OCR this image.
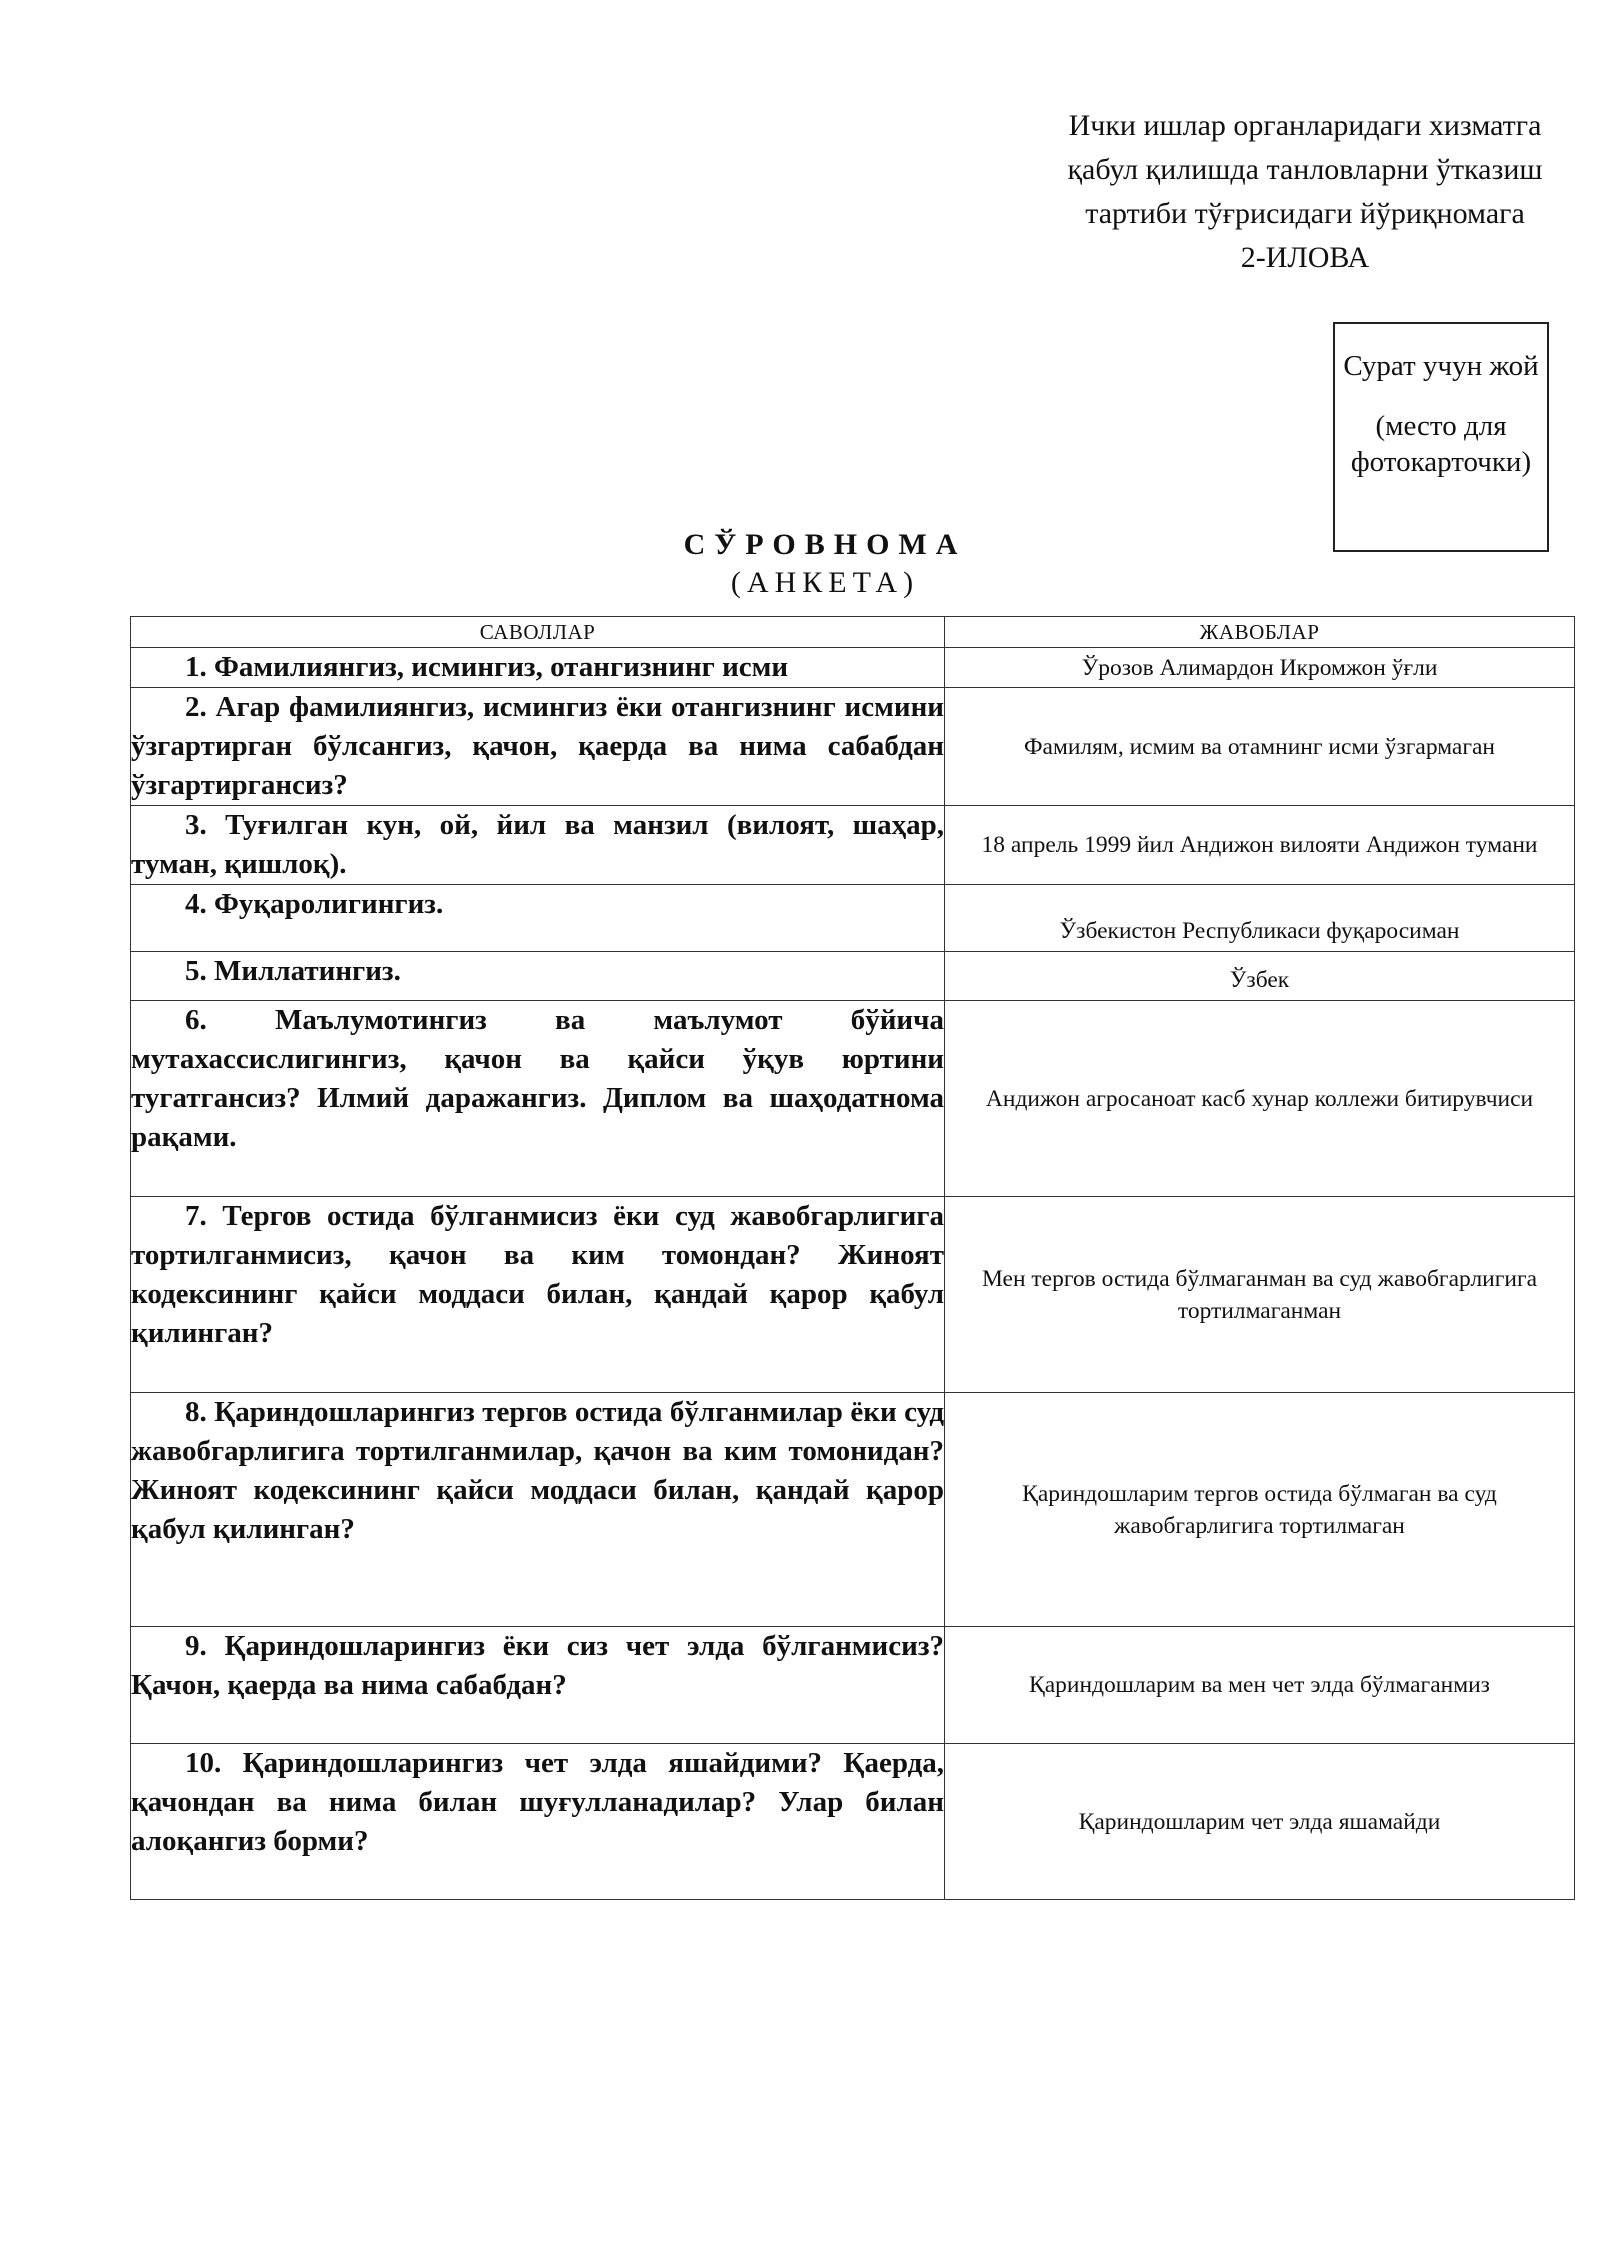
Ички ишлар органларидаги хизматга
қабул қилишда танловларни ўтказиш
тартиби тўғрисидаги йўриқномага
2-ИЛОВА
Сурат учун жой
(место для фотокарточки)
СЎРОВНОМА
(АНКЕТА)
САВОЛЛАР	ЖАВОБЛАР

1. Фамилиянгиз, исмингиз, отангизнинг исми	Ўрозов Алимардон Икромжон ўғли

2. Агар фамилиянгиз, исмингиз ёки отангизнинг исмини ўзгартирган бўлсангиз, қачон, қаерда ва нима сабабдан ўзгартиргансиз?	Фамилям, исмим ва отамнинг исми ўзгармаган

3. Туғилган кун, ой, йил ва манзил (вилоят, шаҳар, туман, қишлоқ).	18 апрель 1999 йил Андижон вилояти Андижон тумани

4. Фуқаролигингиз.	Ўзбекистон Республикаси фуқаросиман

5. Миллатингиз.	Ўзбек

6. Маълумотингиз ва маълумот бўйича мутахассислигингиз, қачон ва қайси ўқув юртини тугатгансиз? Илмий даражангиз. Диплом ва шаҳодатнома рақами.	Андижон агросаноат касб хунар коллежи битирувчиси

7. Тергов остида бўлганмисиз ёки суд жавобгарлигига тортилганмисиз, қачон ва ким томондан? Жиноят кодексининг қайси моддаси билан, қандай қарор қабул қилинган?	Мен тергов остида бўлмаганман ва суд жавобгарлигига тортилмаганман

8. Қариндошларингиз тергов остида бўлганмилар ёки суд жавобгарлигига тортилганмилар, қачон ва ким томонидан? Жиноят кодексининг қайси моддаси билан, қандай қарор қабул қилинган?	Қариндошларим тергов остида бўлмаган ва суд жавобгарлигига тортилмаган

9. Қариндошларингиз ёки сиз чет элда бўлганмисиз? Қачон, қаерда ва нима сабабдан?	Қариндошларим ва мен чет элда бўлмаганмиз

10. Қариндошларингиз чет элда яшайдими? Қаерда, қачондан ва нима билан шуғулланадилар? Улар билан алоқангиз борми?	Қариндошларим чет элда яшамайди
